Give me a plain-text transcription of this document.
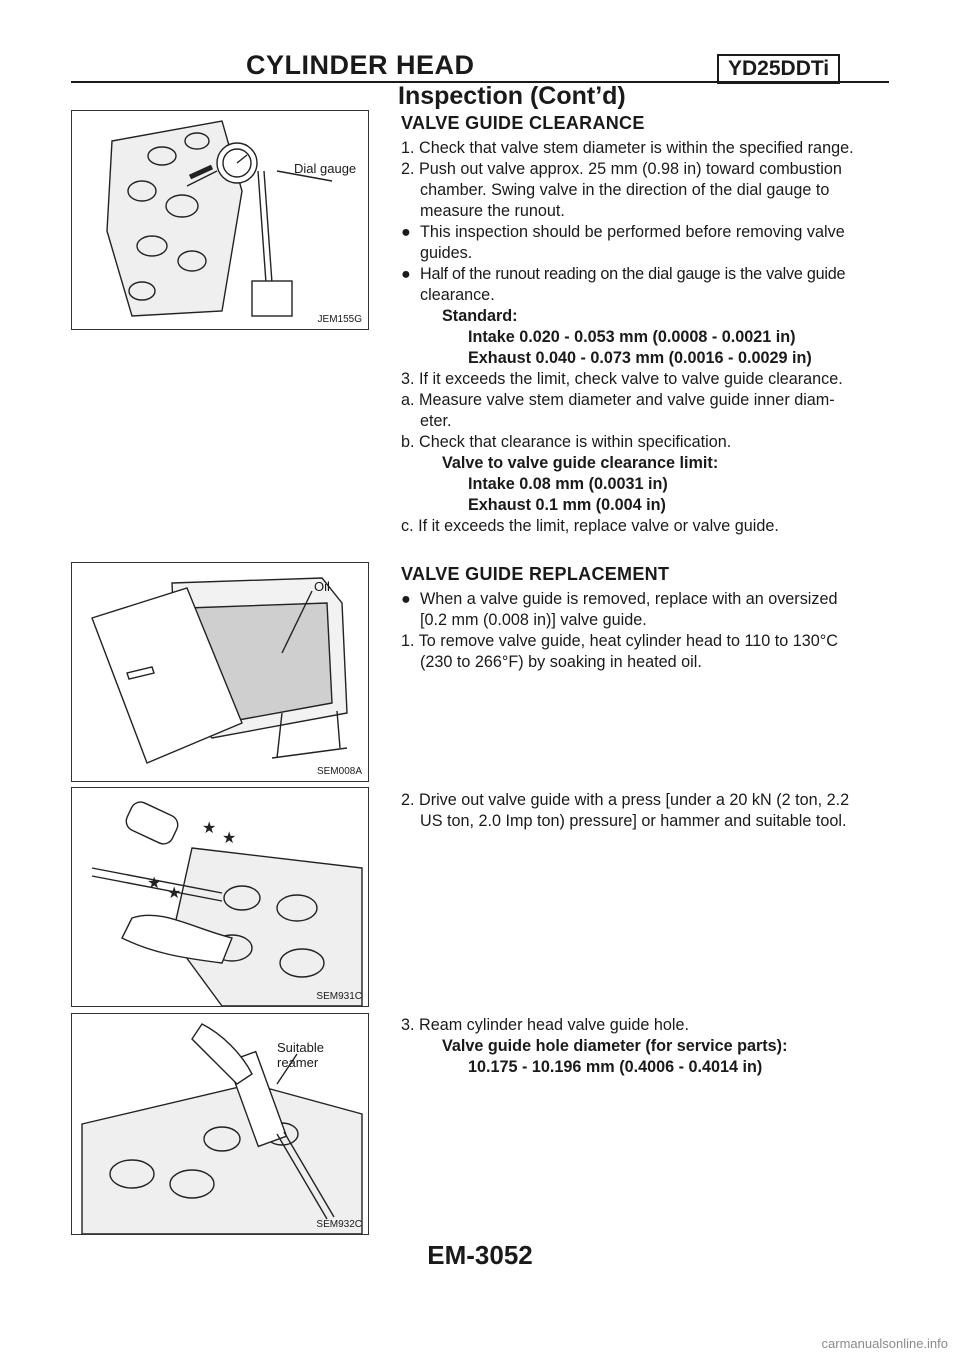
CYLINDER HEAD	YD25DDTi
Inspection (Cont’d)
Dial gauge
JEM155G
Oil
SEM008A
★
★
★
★
SEM931C
Suitable reamer
SEM932C
VALVE GUIDE CLEARANCE
1. Check that valve stem diameter is within the specified range.
2. Push out valve approx. 25 mm (0.98 in) toward combustion
chamber. Swing valve in the direction of the dial gauge to
measure the runout.
● This inspection should be performed before removing valve
guides.
● Half of the runout reading on the dial gauge is the valve guide
clearance.
Standard:
Intake 0.020 - 0.053 mm (0.0008 - 0.0021 in)
Exhaust 0.040 - 0.073 mm (0.0016 - 0.0029 in)
3. If it exceeds the limit, check valve to valve guide clearance.
a. Measure valve stem diameter and valve guide inner diam-
eter.
b. Check that clearance is within specification.
Valve to valve guide clearance limit:
Intake 0.08 mm (0.0031 in)
Exhaust 0.1 mm (0.004 in)
c. If it exceeds the limit, replace valve or valve guide.
VALVE GUIDE REPLACEMENT
● When a valve guide is removed, replace with an oversized
[0.2 mm (0.008 in)] valve guide.
1. To remove valve guide, heat cylinder head to 110 to 130°C
(230 to 266°F) by soaking in heated oil.
2. Drive out valve guide with a press [under a 20 kN (2 ton, 2.2
US ton, 2.0 Imp ton) pressure] or hammer and suitable tool.
3. Ream cylinder head valve guide hole.
Valve guide hole diameter (for service parts):
10.175 - 10.196 mm (0.4006 - 0.4014 in)
EM-3052
carmanualsonline.info
